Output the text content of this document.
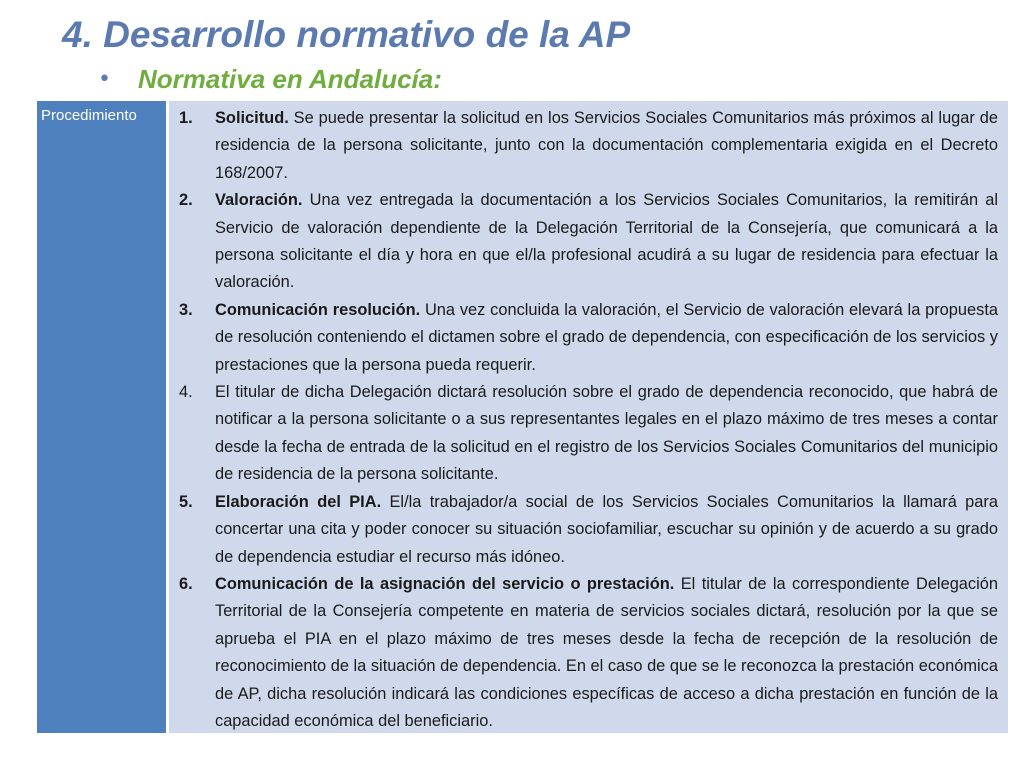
4. Desarrollo normativo de la AP
•	Normativa en Andalucía:
Procedimiento	1.	Solicitud. Se puede presentar la solicitud en los Servicios Sociales Comunitarios más próximos al lugar de residencia de la persona solicitante, junto con la documentación complementaria exigida en el Decreto 168/2007.
2.	Valoración. Una vez entregada la documentación a los Servicios Sociales Comunitarios, la remitirán al Servicio de valoración dependiente de la Delegación Territorial de la Consejería, que comunicará a la persona solicitante el día y hora en que el/la profesional acudirá a su lugar de residencia para efectuar la valoración.
3.	Comunicación resolución. Una vez concluida la valoración, el Servicio de valoración elevará la propuesta de resolución conteniendo el dictamen sobre el grado de dependencia, con especificación de los servicios y prestaciones que la persona pueda requerir.
4.	El titular de dicha Delegación dictará resolución sobre el grado de dependencia reconocido, que habrá de notificar a la persona solicitante o a sus representantes legales en el plazo máximo de tres meses a contar desde la fecha de entrada de la solicitud en el registro de los Servicios Sociales Comunitarios del municipio de residencia de la persona solicitante.
5.	Elaboración del PIA. El/la trabajador/a social de los Servicios Sociales Comunitarios la llamará para concertar una cita y poder conocer su situación sociofamiliar, escuchar su opinión y de acuerdo a su grado de dependencia estudiar el recurso más idóneo.
6.	Comunicación de la asignación del servicio o prestación. El titular de la correspondiente Delegación Territorial de la Consejería competente en materia de servicios sociales dictará, resolución por la que se aprueba el PIA en el plazo máximo de tres meses desde la fecha de recepción de la resolución de reconocimiento de la situación de dependencia. En el caso de que se le reconozca la prestación económica de AP, dicha resolución indicará las condiciones específicas de acceso a dicha prestación en función de la capacidad económica del beneficiario.
